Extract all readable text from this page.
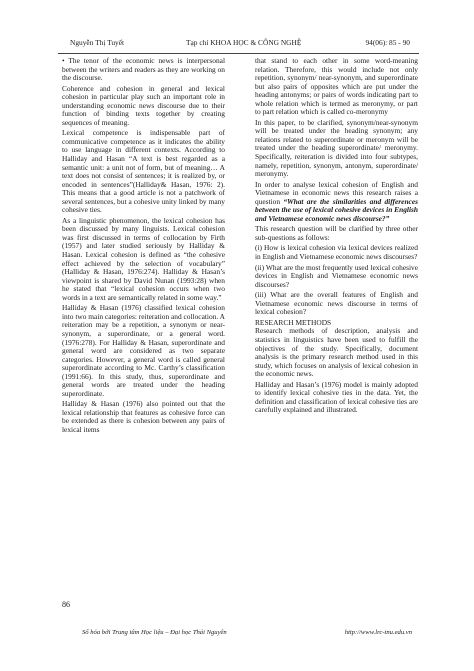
Nguyễn Thị Tuyết	Tạp chí KHOA HỌC & CÔNG NGHỆ	94(06): 85 - 90

• The tenor of the economic news is interpersonal between the writers and readers as they are working on the discourse.

Coherence and cohesion in general and lexical cohesion in particular play such an important role in understanding economic news discourse due to their function of binding texts together by creating sequences of meaning.

Lexical competence is indispensable part of communicative competence as it indicates the ability to use language in different contexts. According to Halliday and Hasan “A text is best regarded as a semantic unit: a unit not of form, but of meaning… A text does not consist of sentences; it is realized by, or encoded in sentences”(Halliday& Hasan, 1976: 2). This means that a good article is not a patchwork of several sentences, but a cohesive unity linked by many cohesive ties.

As a linguistic phenomenon, the lexical cohesion has been discussed by many linguists. Lexical cohesion was first discussed in terms of collocation by Firth (1957) and later studied seriously by Halliday & Hasan. Lexical cohesion is defined as “the cohesive effect achieved by the selection of vocabulary” (Halliday & Hasan, 1976:274). Halliday & Hasan’s viewpoint is shared by David Nunan (1993:28) when he stated that “lexical cohesion occurs when two words in a text are semantically related in some way.”

Halliday & Hasan (1976) classified lexical cohesion into two main categories: reiteration and collocation. A reiteration may be a repetition, a synonym or near-synonym, a superordinate, or a general word. (1976:278). For Halliday & Hasan, superordinate and general word are considered as two separate categories. However, a general word is called general superordinate according to Mc. Carthy’s classification (1991:66). In this study, thus, superordinate and general words are treated under the heading superordinate.

Halliday & Hasan (1976) also pointed out that the lexical relationship that features as cohesive force can be extended as there is cohesion between any pairs of lexical items

that stand to each other in some word-meaning relation. Therefore, this would include not only repetition, synonym/ near-synonym, and superordinate but also pairs of opposites which are put under the heading antonyms; or pairs of words indicating part to whole relation which is termed as meronymy, or part to part relation which is called co-meronymy

In this paper, to be clarified, synonym/near-synonym will be treated under the heading synonym; any relations related to superordinate or meronym will be treated under the heading superordinate/ meronymy. Specifically, reiteration is divided into four subtypes, namely, repetition, synonym, antonym, superordinate/ meronymy.

In order to analyse lexical cohesion of English and Vietnamese in economic news this research raises a question “What are the similarities and differences between the use of lexical cohesive devices in English and Vietnamese economic news discourse?”

This research question will be clarified by three other sub-questions as follows:

(i) How is lexical cohesion via lexical devices realized in English and Vietnamese economic news discourses?

(ii) What are the most frequently used lexical cohesive devices in English and Vietnamese economic news discourses?

(iii) What are the overall features of English and Vietnamese economic news discourse in terms of lexical cohesion?

RESEARCH METHODS

Research methods of description, analysis and statistics in linguistics have been used to fulfill the objectives of the study. Specifically, document analysis is the primary research method used in this study, which focuses on analysis of lexical cohesion in the economic news.

Halliday and Hasan’s (1976) model is mainly adopted to identify lexical cohesive ties in the data. Yet, the definition and classification of lexical cohesive ties are carefully explained and illustrated.

86
Số hóa bởi Trung tâm Học liệu – Đại học Thái Nguyên	http://www.lrc-tnu.edu.vn
